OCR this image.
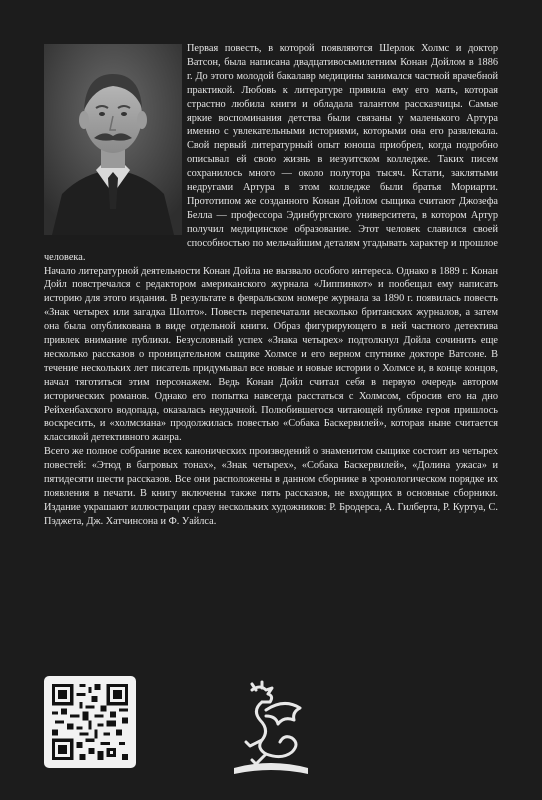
Первая повесть, в которой появляются Шерлок Холмс и доктор Ватсон, была написана двадцативосьмилетним Конан Дойлом в 1886 г. До этого молодой бакалавр медицины занимался частной врачебной практикой. Любовь к литературе привила ему его мать, которая страстно любила книги и обладала талантом рассказчицы. Самые яркие воспоминания детства были связаны у маленького Артура именно с увлекательными историями, которыми она его развлекала. Свой первый литературный опыт юноша приобрел, когда подробно описывал ей свою жизнь в иезуитском колледже. Таких писем сохранилось много — около полутора тысяч. Кстати, заклятыми недругами Артура в этом колледже были братья Мориарти. Прототипом же созданного Конан Дойлом сыщика считают Джозефа Белла — профессора Эдинбургского университета, в котором Артур получил медицинское образование. Этот человек славился своей способностью по мельчайшим деталям угадывать характер и прошлое человека.

Начало литературной деятельности Конан Дойла не вызвало особого интереса. Однако в 1889 г. Конан Дойл повстречался с редактором американского журнала «Липпинкот» и пообещал ему написать историю для этого издания. В результате в февральском номере журнала за 1890 г. появилась повесть «Знак четырех или загадка Шолто». Повесть перепечатали несколько британских журналов, а затем она была опубликована в виде отдельной книги. Образ фигурирующего в ней частного детектива привлек внимание публики. Безусловный успех «Знака четырех» подтолкнул Дойла сочинить еще несколько рассказов о проницательном сыщике Холмсе и его верном спутнике докторе Ватсоне. В течение нескольких лет писатель придумывал все новые и новые истории о Холмсе и, в конце концов, начал тяготиться этим персонажем. Ведь Конан Дойл считал себя в первую очередь автором исторических романов. Однако его попытка навсегда расстаться с Холмсом, сбросив его на дно Рейхенбахского водопада, оказалась неудачной. Полюбившегося читающей публике героя пришлось воскресить, и «холмсиана» продолжилась повестью «Собака Баскервилей», которая ныне считается классикой детективного жанра.

Всего же полное собрание всех канонических произведений о знаменитом сыщике состоит из четырех повестей: «Этюд в багровых тонах», «Знак четырех», «Собака Баскервилей», «Долина ужаса» и пятидесяти шести рассказов. Все они расположены в данном сборнике в хронологическом порядке их появления в печати. В книгу включены также пять рассказов, не входящих в основные сборники. Издание украшают иллюстрации сразу нескольких художников: Р. Бродерса, А. Гилберта, Р. Куртуа, С. Пэджета, Дж. Хатчинсона и Ф. Уайлса.
